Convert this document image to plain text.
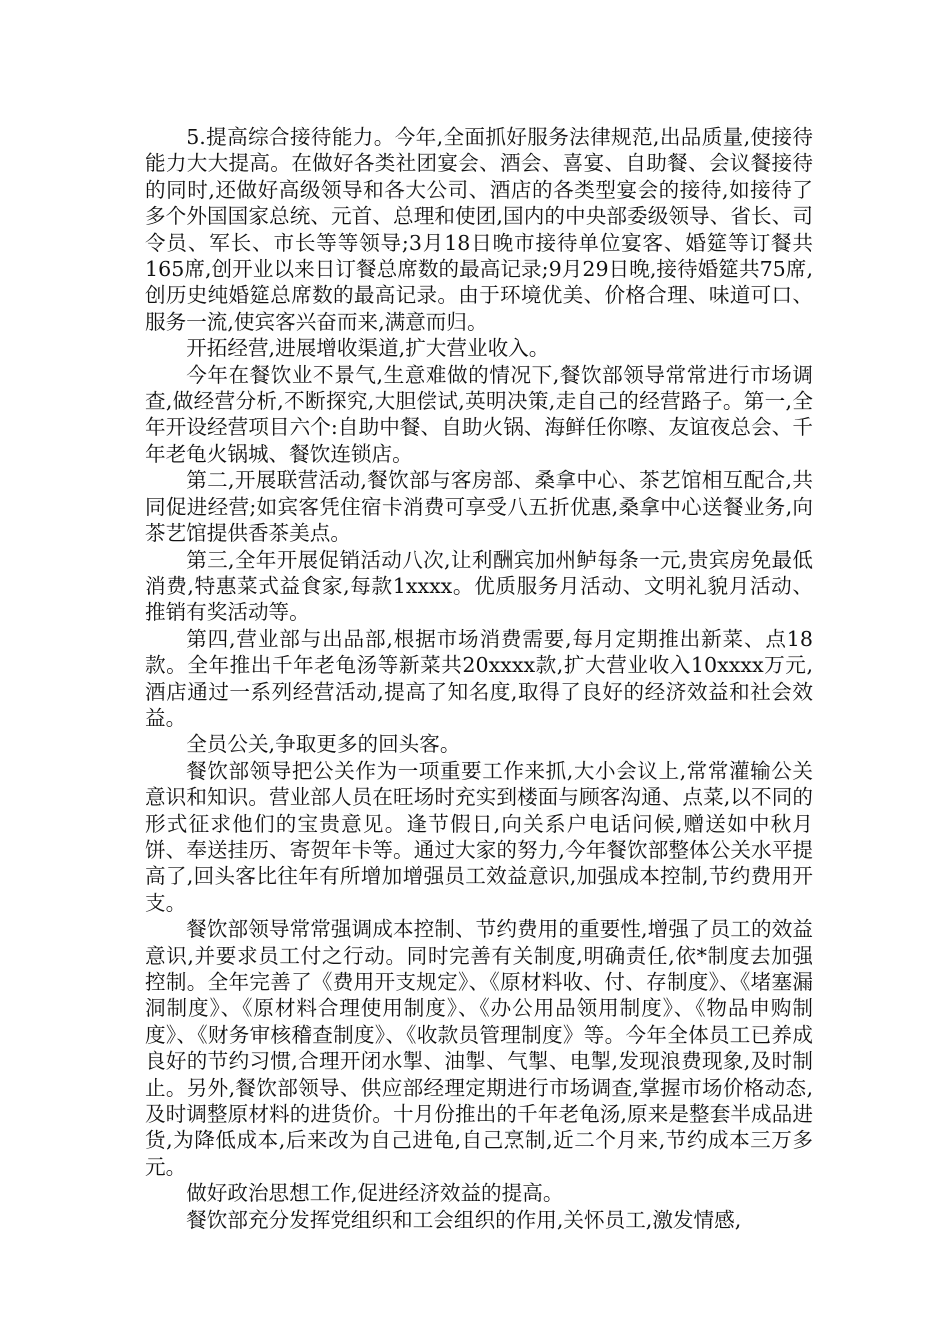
5.提高综合接待能力。今年,全面抓好服务法律规范,出品质量,使接待能力大大提高。在做好各类社团宴会、酒会、喜宴、自助餐、会议餐接待的同时,还做好高级领导和各大公司、酒店的各类型宴会的接待,如接待了多个外国国家总统、元首、总理和使团,国内的中央部委级领导、省长、司令员、军长、市长等等领导;3月18日晚市接待单位宴客、婚筵等订餐共165席,创开业以来日订餐总席数的最高记录;9月29日晚,接待婚筵共75席,创历史纯婚筵总席数的最高记录。由于环境优美、价格合理、味道可口、服务一流,使宾客兴奋而来,满意而归。

开拓经营,进展增收渠道,扩大营业收入。

今年在餐饮业不景气,生意难做的情况下,餐饮部领导常常进行市场调查,做经营分析,不断探究,大胆偿试,英明决策,走自己的经营路子。第一,全年开设经营项目六个:自助中餐、自助火锅、海鲜任你嚓、友谊夜总会、千年老龟火锅城、餐饮连锁店。

第二,开展联营活动,餐饮部与客房部、桑拿中心、茶艺馆相互配合,共同促进经营;如宾客凭住宿卡消费可享受八五折优惠,桑拿中心送餐业务,向茶艺馆提供香茶美点。

第三,全年开展促销活动八次,让利酬宾加州鲈每条一元,贵宾房免最低消费,特惠菜式益食家,每款1xxxx。优质服务月活动、文明礼貌月活动、推销有奖活动等。

第四,营业部与出品部,根据市场消费需要,每月定期推出新菜、点18款。全年推出千年老龟汤等新菜共20xxxx款,扩大营业收入10xxxx万元,酒店通过一系列经营活动,提高了知名度,取得了良好的经济效益和社会效益。

全员公关,争取更多的回头客。

餐饮部领导把公关作为一项重要工作来抓,大小会议上,常常灌输公关意识和知识。营业部人员在旺场时充实到楼面与顾客沟通、点菜,以不同的形式征求他们的宝贵意见。逢节假日,向关系户电话问候,赠送如中秋月饼、奉送挂历、寄贺年卡等。通过大家的努力,今年餐饮部整体公关水平提高了,回头客比往年有所增加增强员工效益意识,加强成本控制,节约费用开支。

餐饮部领导常常强调成本控制、节约费用的重要性,增强了员工的效益意识,并要求员工付之行动。同时完善有关制度,明确责任,依*制度去加强控制。全年完善了《费用开支规定》、《原材料收、付、存制度》、《堵塞漏洞制度》、《原材料合理使用制度》、《办公用品领用制度》、《物品申购制度》、《财务审核稽查制度》、《收款员管理制度》等。今年全体员工已养成良好的节约习惯,合理开闭水掣、油掣、气掣、电掣,发现浪费现象,及时制止。另外,餐饮部领导、供应部经理定期进行市场调查,掌握市场价格动态,及时调整原材料的进货价。十月份推出的千年老龟汤,原来是整套半成品进货,为降低成本,后来改为自己进龟,自己烹制,近二个月来,节约成本三万多元。

做好政治思想工作,促进经济效益的提高。

餐饮部充分发挥党组织和工会组织的作用,关怀员工,激发情感,
